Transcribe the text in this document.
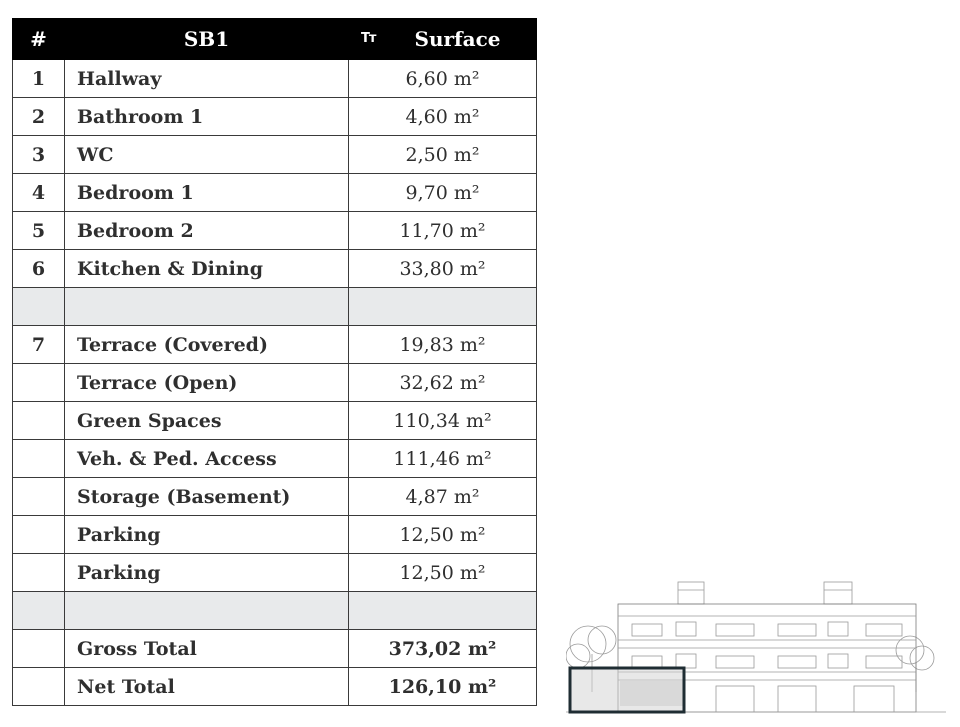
#	SB1	Tт Surface
1	Hallway	6,60 m²
2	Bathroom 1	4,60 m²
3	WC	2,50 m²
4	Bedroom 1	9,70 m²
5	Bedroom 2	11,70 m²
6	Kitchen & Dining	33,80 m²

7	Terrace (Covered)	19,83 m²
	Terrace (Open)	32,62 m²
	Green Spaces	110,34 m²
	Veh. & Ped. Access	111,46 m²
	Storage (Basement)	4,87 m²
	Parking	12,50 m²
	Parking	12,50 m²

	Gross Total	373,02 m²
	Net Total	126,10 m²
